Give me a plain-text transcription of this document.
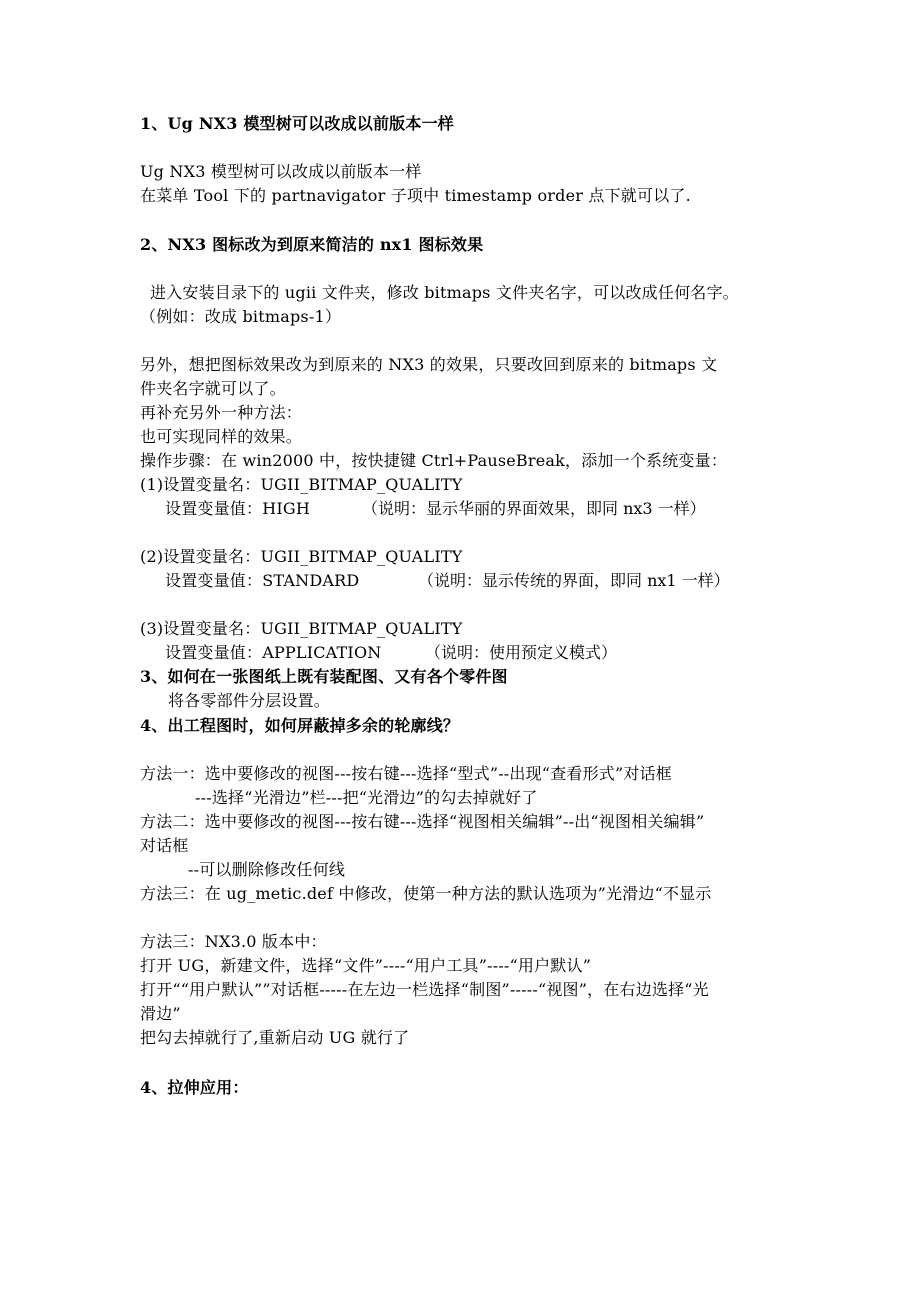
1、Ug NX3 模型树可以改成以前版本一样
Ug NX3 模型树可以改成以前版本一样
在菜单 Tool 下的 partnavigator 子项中 timestamp order 点下就可以了.
2、NX3 图标改为到原来简洁的 nx1 图标效果
进入安装目录下的 ugii 文件夹，修改 bitmaps 文件夹名字，可以改成任何名字。
（例如：改成 bitmaps-1）
另外，想把图标效果改为到原来的 NX3 的效果，只要改回到原来的 bitmaps 文
件夹名字就可以了。
再补充另外一种方法：
也可实现同样的效果。
操作步骤：在 win2000 中，按快捷键 Ctrl+PauseBreak，添加一个系统变量：
(1)设置变量名：UGII_BITMAP_QUALITY
设置变量值：HIGH	（说明：显示华丽的界面效果，即同 nx3 一样）
(2)设置变量名：UGII_BITMAP_QUALITY
设置变量值：STANDARD	（说明：显示传统的界面，即同 nx1 一样）
(3)设置变量名：UGII_BITMAP_QUALITY
设置变量值：APPLICATION	（说明：使用预定义模式）
3、如何在一张图纸上既有装配图、又有各个零件图
将各零部件分层设置。
4、出工程图时，如何屏蔽掉多余的轮廓线？
方法一：选中要修改的视图---按右键---选择“型式”--出现“查看形式”对话框
---选择“光滑边”栏---把“光滑边”的勾去掉就好了
方法二：选中要修改的视图---按右键---选择“视图相关编辑”--出“视图相关编辑”
对话框
--可以删除修改任何线
方法三：在 ug_metic.def 中修改，使第一种方法的默认选项为”光滑边“不显示
方法三：NX3.0 版本中：
打开 UG，新建文件，选择“文件”----“用户工具”----“用户默认”
打开““用户默认””对话框-----在左边一栏选择“制图”-----“视图”，在右边选择“光
滑边”
把勾去掉就行了,重新启动 UG 就行了
4、拉伸应用：
